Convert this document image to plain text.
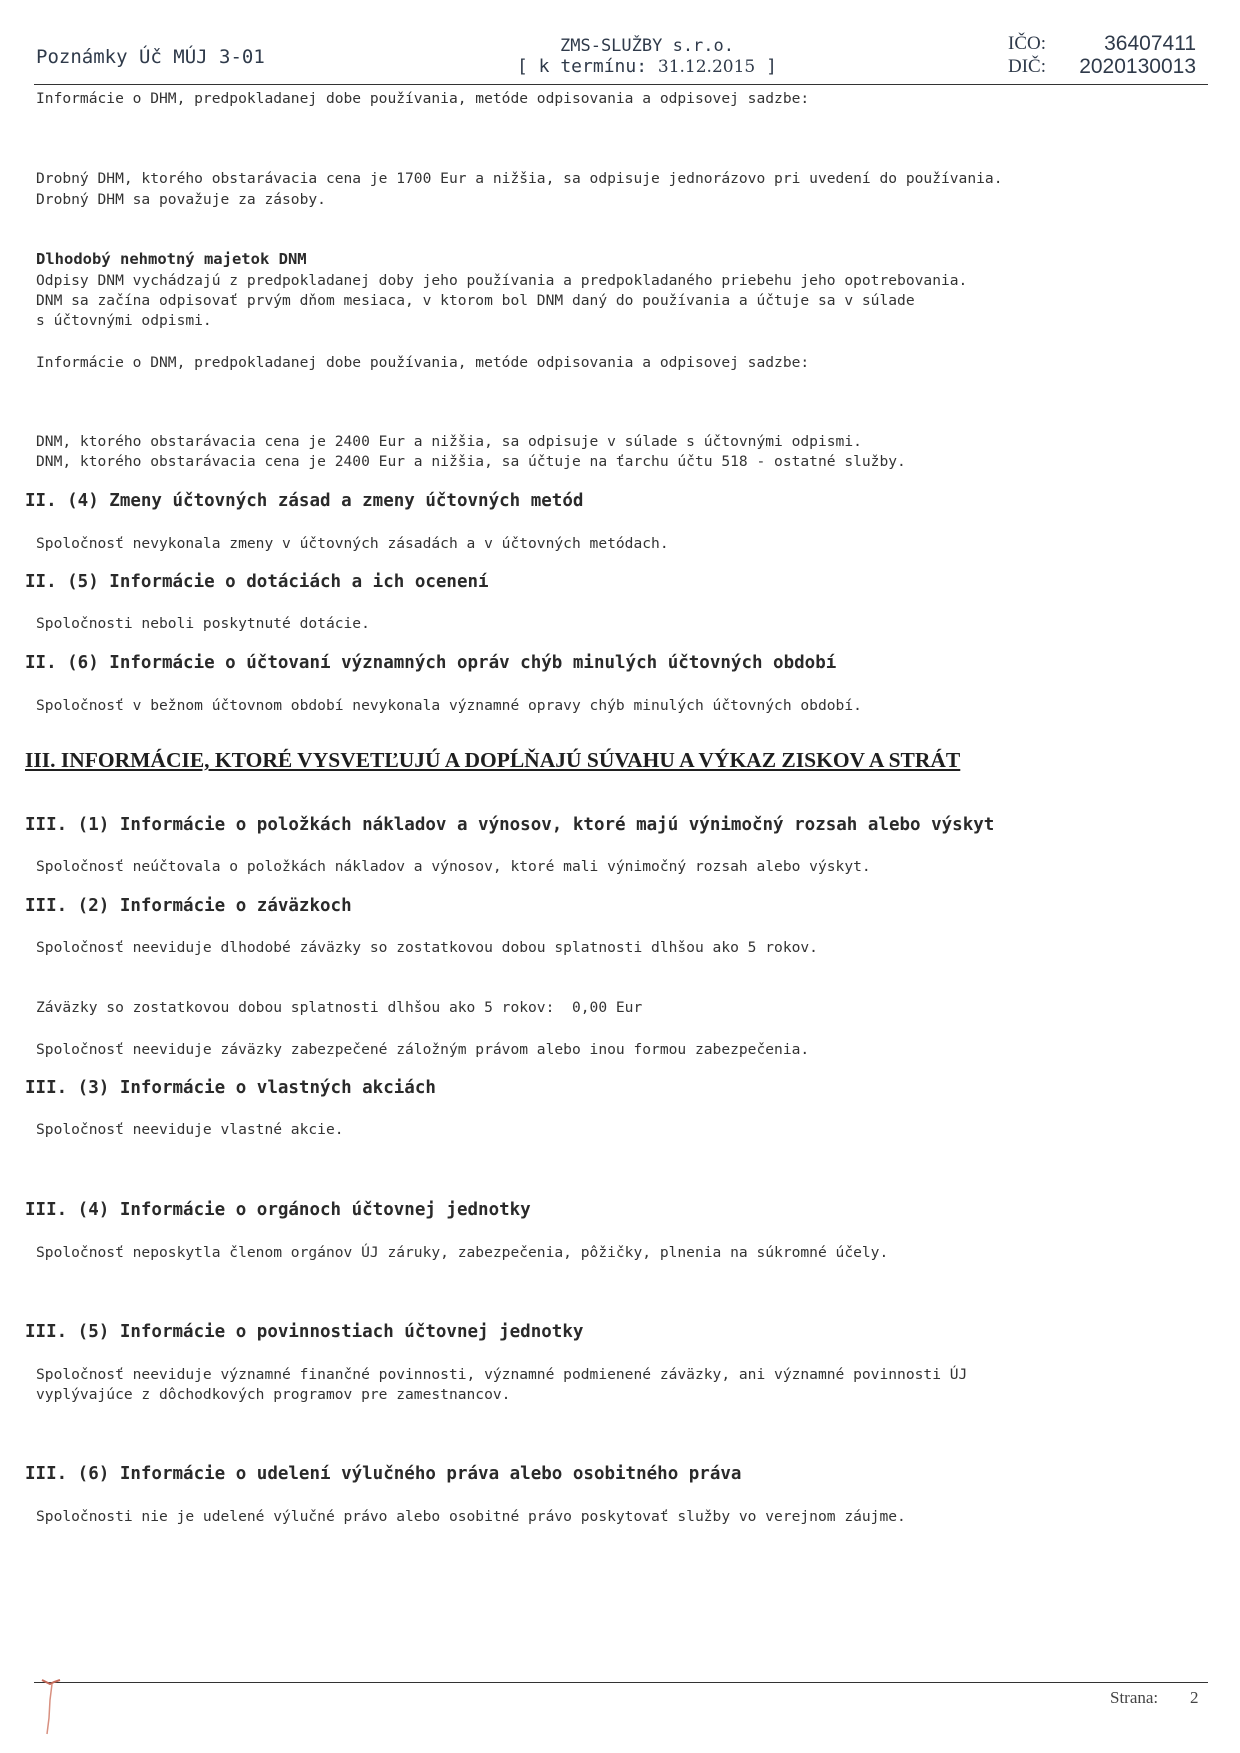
Poznámky Úč MÚJ 3-01	ZMS-SLUŽBY s.r.o.
[ k termínu: 31.12.2015 ]
IČO:	36407411
DIČ: 2020130013
Informácie o DHM, predpokladanej dobe používania, metóde odpisovania a odpisovej sadzbe:
Drobný DHM, ktorého obstarávacia cena je 1700 Eur a nižšia, sa odpisuje jednorázovo pri uvedení do používania.
Drobný DHM sa považuje za zásoby.
Dlhodobý nehmotný majetok DNM
Odpisy DNM vychádzajú z predpokladanej doby jeho používania a predpokladaného priebehu jeho opotrebovania.
DNM sa začína odpisovať prvým dňom mesiaca, v ktorom bol DNM daný do používania a účtuje sa v súlade
s účtovnými odpismi.
Informácie o DNM, predpokladanej dobe používania, metóde odpisovania a odpisovej sadzbe:
DNM, ktorého obstarávacia cena je 2400 Eur a nižšia, sa odpisuje v súlade s účtovnými odpismi.
DNM, ktorého obstarávacia cena je 2400 Eur a nižšia, sa účtuje na ťarchu účtu 518 - ostatné služby.
II. (4) Zmeny účtovných zásad a zmeny účtovných metód
Spoločnosť nevykonala zmeny v účtovných zásadách a v účtovných metódach.
II. (5) Informácie o dotáciách a ich ocenení
Spoločnosti neboli poskytnuté dotácie.
II. (6) Informácie o účtovaní významných opráv chýb minulých účtovných období
Spoločnosť v bežnom účtovnom období nevykonala významné opravy chýb minulých účtovných období.
III. INFORMÁCIE, KTORÉ VYSVETĽUJÚ A DOPĹŇAJÚ SÚVAHU A VÝKAZ ZISKOV A STRÁT
III. (1) Informácie o položkách nákladov a výnosov, ktoré majú výnimočný rozsah alebo výskyt
Spoločnosť neúčtovala o položkách nákladov a výnosov, ktoré mali výnimočný rozsah alebo výskyt.
III. (2) Informácie o záväzkoch
Spoločnosť neeviduje dlhodobé záväzky so zostatkovou dobou splatnosti dlhšou ako 5 rokov.
Záväzky so zostatkovou dobou splatnosti dlhšou ako 5 rokov: 0,00 Eur
Spoločnosť neeviduje záväzky zabezpečené záložným právom alebo inou formou zabezpečenia.
III. (3) Informácie o vlastných akciách
Spoločnosť neeviduje vlastné akcie.
III. (4) Informácie o orgánoch účtovnej jednotky
Spoločnosť neposkytla členom orgánov ÚJ záruky, zabezpečenia, pôžičky, plnenia na súkromné účely.
III. (5) Informácie o povinnostiach účtovnej jednotky
Spoločnosť neeviduje významné finančné povinnosti, významné podmienené záväzky, ani významné povinnosti ÚJ
vyplývajúce z dôchodkových programov pre zamestnancov.
III. (6) Informácie o udelení výlučného práva alebo osobitného práva
Spoločnosti nie je udelené výlučné právo alebo osobitné právo poskytovať služby vo verejnom záujme.
Strana: 2
